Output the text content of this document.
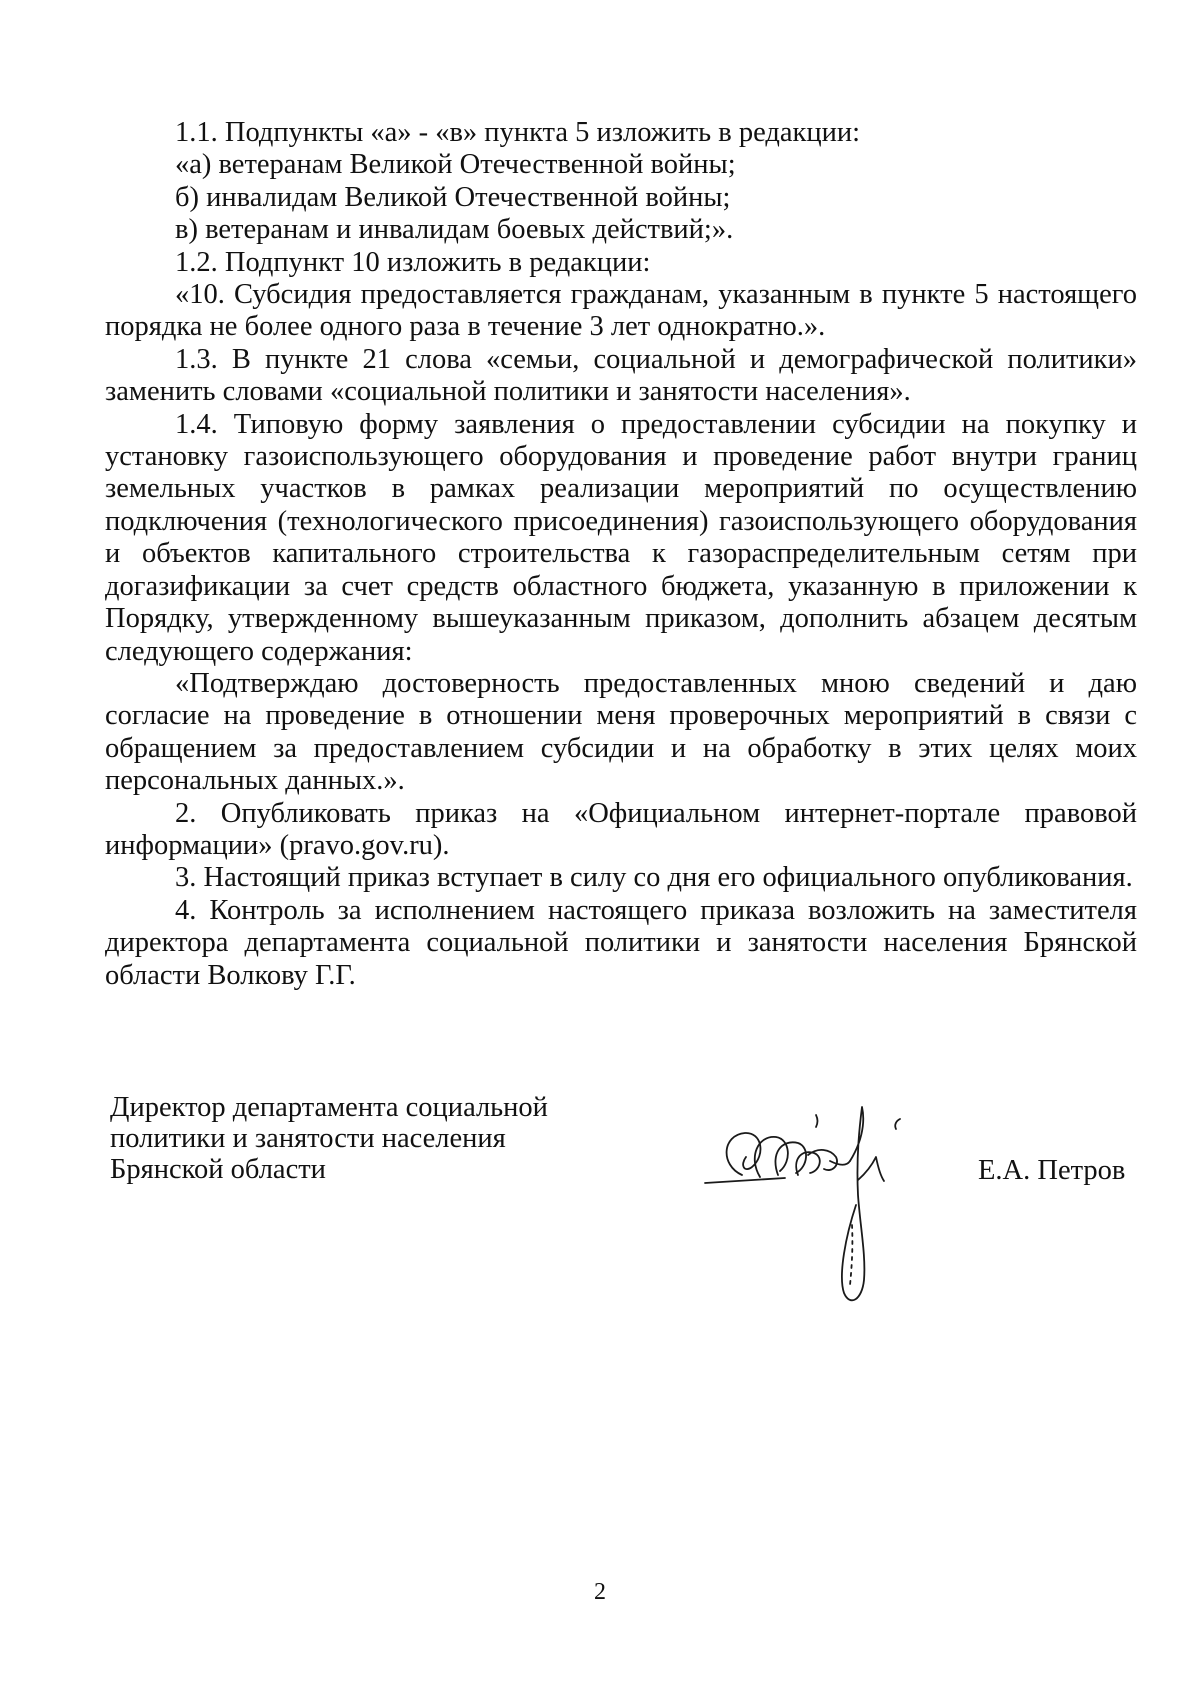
1.1. Подпункты «а» - «в» пункта 5 изложить в редакции:

«а) ветеранам Великой Отечественной войны;

б) инвалидам Великой Отечественной войны;

в) ветеранам и инвалидам боевых действий;».

1.2. Подпункт 10 изложить в редакции:

«10. Субсидия предоставляется гражданам, указанным в пункте 5 настоящего порядка не более одного раза в течение 3 лет однократно.».

1.3. В пункте 21 слова «семьи, социальной и демографической политики» заменить словами «социальной политики и занятости населения».

1.4. Типовую форму заявления о предоставлении субсидии на покупку и установку газоиспользующего оборудования и проведение работ внутри границ земельных участков в рамках реализации мероприятий по осуществлению подключения (технологического присоединения) газоиспользующего оборудования и объектов капитального строительства к газораспределительным сетям при догазификации за счет средств областного бюджета, указанную в приложении к Порядку, утвержденному вышеуказанным приказом, дополнить абзацем десятым следующего содержания:

«Подтверждаю достоверность предоставленных мною сведений и даю согласие на проведение в отношении меня проверочных мероприятий в связи с обращением за предоставлением субсидии и на обработку в этих целях моих персональных данных.».

2. Опубликовать приказ на «Официальном интернет-портале правовой информации» (pravo.gov.ru).

3. Настоящий приказ вступает в силу со дня его официального опубликования.

4. Контроль за исполнением настоящего приказа возложить на заместителя директора департамента социальной политики и занятости населения Брянской области Волкову Г.Г.

Директор департамента социальной
политики и занятости населения
Брянской области	Е.А. Петров
2
